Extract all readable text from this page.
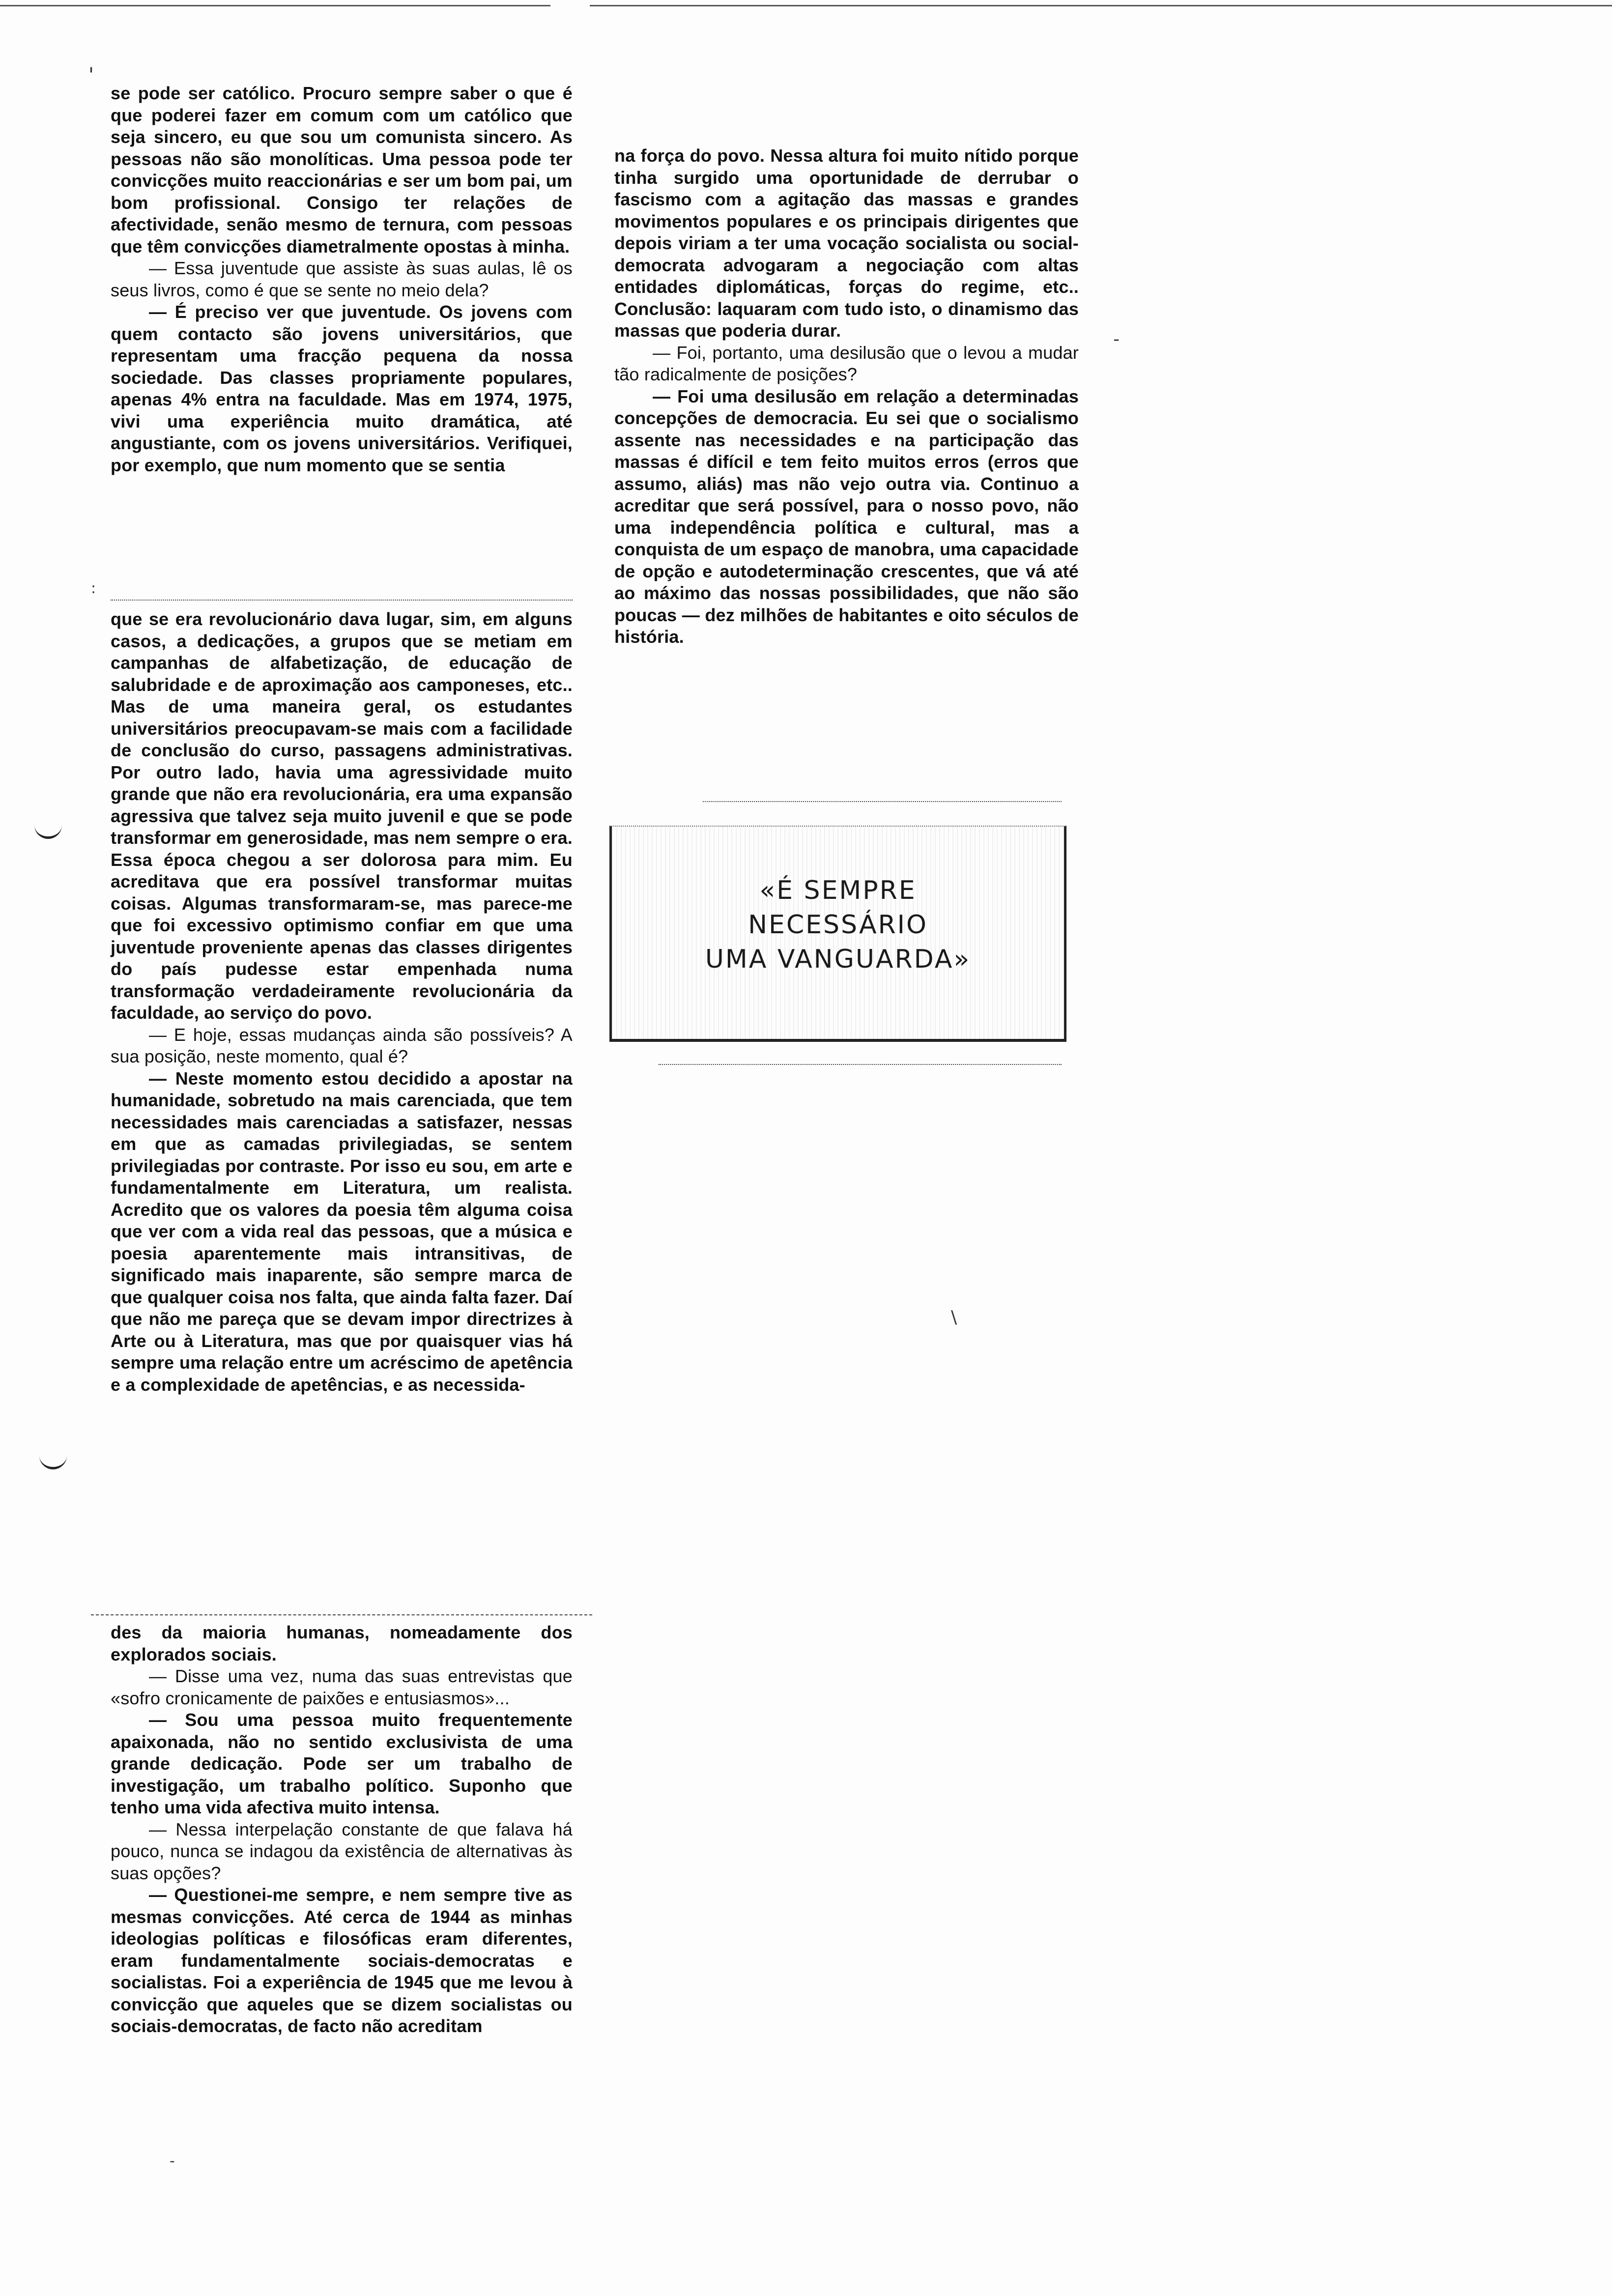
'
:

se pode ser católico. Procuro sempre saber o que é que poderei fazer em comum com um católico que seja sincero, eu que sou um comunista sincero. As pessoas não são monolíticas. Uma pessoa pode ter convicções muito reaccionárias e ser um bom pai, um bom profissional. Consigo ter relações de afectividade, senão mesmo de ternura, com pessoas que têm convicções diametralmente opostas à minha.

— Essa juventude que assiste às suas aulas, lê os seus livros, como é que se sente no meio dela?

— É preciso ver que juventude. Os jovens com quem contacto são jovens universitários, que representam uma fracção pequena da nossa sociedade. Das classes propriamente populares, apenas 4% entra na faculdade. Mas em 1974, 1975, vivi uma experiência muito dramática, até angustiante, com os jovens universitários. Verifiquei, por exemplo, que num momento que se sentia

que se era revolucionário dava lugar, sim, em alguns casos, a dedicações, a grupos que se metiam em campanhas de alfabetização, de educação de salubridade e de aproximação aos camponeses, etc.. Mas de uma maneira geral, os estudantes universitários preocupavam-se mais com a facilidade de conclusão do curso, passagens administrativas. Por outro lado, havia uma agressividade muito grande que não era revolucionária, era uma expansão agressiva que talvez seja muito juvenil e que se pode transformar em generosidade, mas nem sempre o era. Essa época chegou a ser dolorosa para mim. Eu acreditava que era possível transformar muitas coisas. Algumas transformaram-se, mas parece-me que foi excessivo optimismo confiar em que uma juventude proveniente apenas das classes dirigentes do país pudesse estar empenhada numa transformação verdadeiramente revolucionária da faculdade, ao serviço do povo.

— E hoje, essas mudanças ainda são possíveis? A sua posição, neste momento, qual é?

— Neste momento estou decidido a apostar na humanidade, sobretudo na mais carenciada, que tem necessidades mais carenciadas a satisfazer, nessas em que as camadas privilegiadas, se sentem privilegiadas por contraste. Por isso eu sou, em arte e fundamentalmente em Literatura, um realista. Acredito que os valores da poesia têm alguma coisa que ver com a vida real das pessoas, que a música e poesia aparentemente mais intransitivas, de significado mais inaparente, são sempre marca de que qualquer coisa nos falta, que ainda falta fazer. Daí que não me pareça que se devam impor directrizes à Arte ou à Literatura, mas que por quaisquer vias há sempre uma relação entre um acréscimo de apetência e a complexidade de apetências, e as necessida-

des da maioria humanas, nomeadamente dos explorados sociais.

— Disse uma vez, numa das suas entrevistas que «sofro cronicamente de paixões e entusiasmos»...

— Sou uma pessoa muito frequentemente apaixonada, não no sentido exclusivista de uma grande dedicação. Pode ser um trabalho de investigação, um trabalho político. Suponho que tenho uma vida afectiva muito intensa.

— Nessa interpelação constante de que falava há pouco, nunca se indagou da existência de alternativas às suas opções?

— Questionei-me sempre, e nem sempre tive as mesmas convicções. Até cerca de 1944 as minhas ideologias políticas e filosóficas eram diferentes, eram fundamentalmente sociais-democratas e socialistas. Foi a experiência de 1945 que me levou à convicção que aqueles que se dizem socialistas ou sociais-democratas, de facto não acreditam

na força do povo. Nessa altura foi muito nítido porque tinha surgido uma oportunidade de derrubar o fascismo com a agitação das massas e grandes movimentos populares e os principais dirigentes que depois viriam a ter uma vocação socialista ou social-democrata advogaram a negociação com altas entidades diplomáticas, forças do regime, etc.. Conclusão: laquaram com tudo isto, o dinamismo das massas que poderia durar.

— Foi, portanto, uma desilusão que o levou a mudar tão radicalmente de posições?

— Foi uma desilusão em relação a determinadas concepções de democracia. Eu sei que o socialismo assente nas necessidades e na participação das massas é difícil e tem feito muitos erros (erros que assumo, aliás) mas não vejo outra via. Continuo a acreditar que será possível, para o nosso povo, não uma independência política e cultural, mas a conquista de um espaço de manobra, uma capacidade de opção e autodeterminação crescentes, que vá até ao máximo das nossas possibilidades, que não são poucas — dez milhões de habitantes e oito séculos de história.

«É SEMPRE
NECESSÁRIO
UMA VANGUARDA»
-
\
-
